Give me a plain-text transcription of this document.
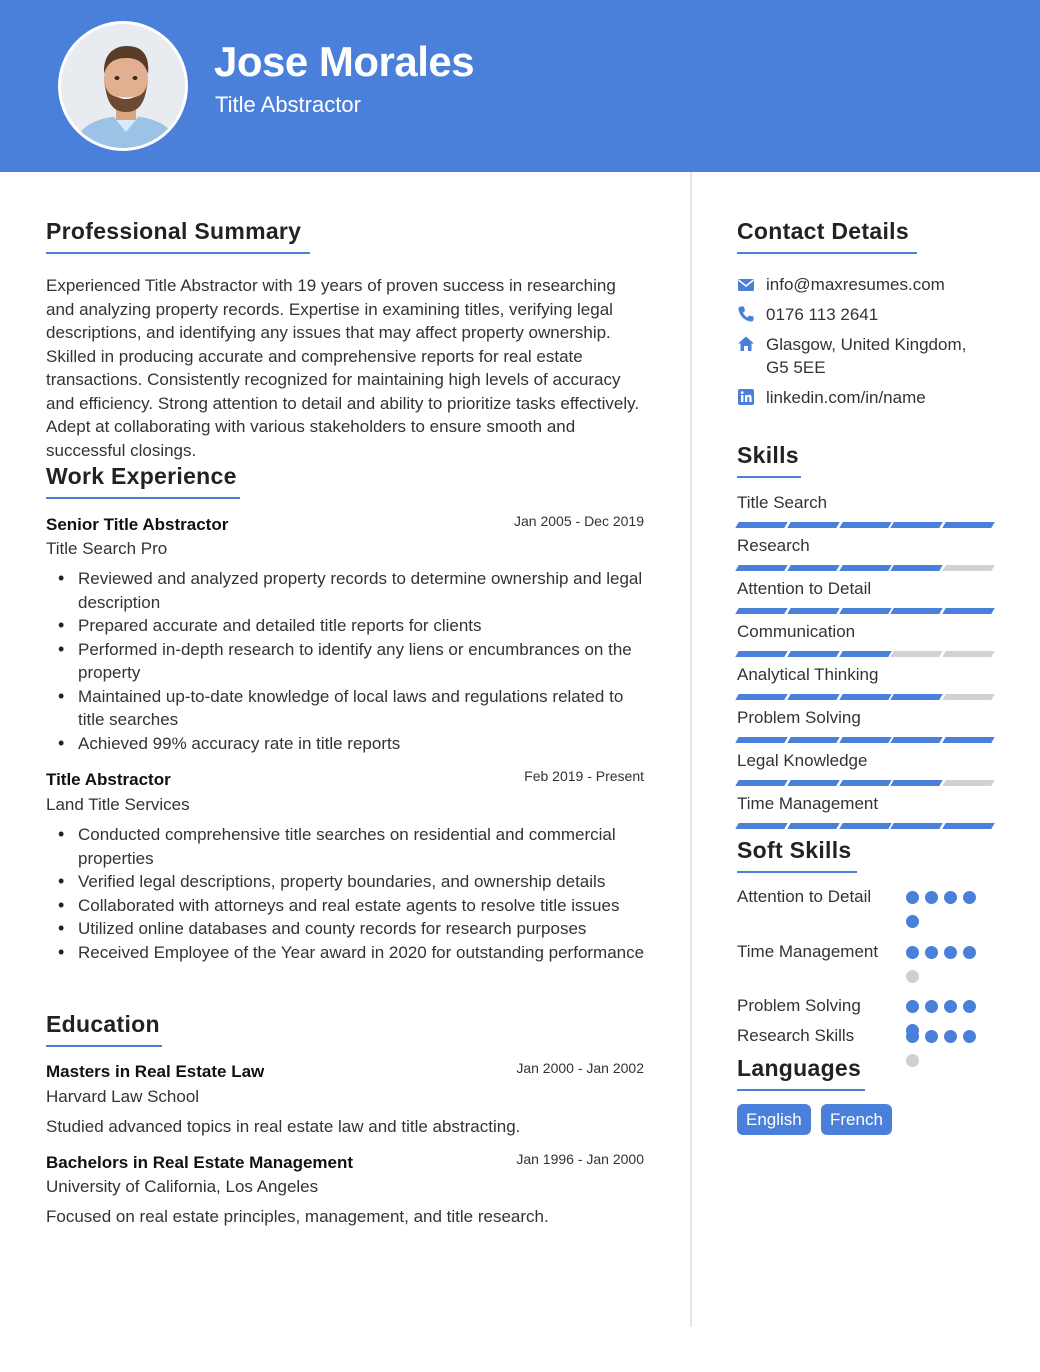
Jose Morales
Title Abstractor
Professional Summary
Experienced Title Abstractor with 19 years of proven success in researching and analyzing property records. Expertise in examining titles, verifying legal descriptions, and identifying any issues that may affect property ownership. Skilled in producing accurate and comprehensive reports for real estate transactions. Consistently recognized for maintaining high levels of accuracy and efficiency. Strong attention to detail and ability to prioritize tasks effectively. Adept at collaborating with various stakeholders to ensure smooth and successful closings.
Work Experience
Senior Title Abstractor	Jan 2005 - Dec 2019
Title Search Pro
• Reviewed and analyzed property records to determine ownership and legal description
• Prepared accurate and detailed title reports for clients
• Performed in-depth research to identify any liens or encumbrances on the property
• Maintained up-to-date knowledge of local laws and regulations related to title searches
• Achieved 99% accuracy rate in title reports
Title Abstractor	Feb 2019 - Present
Land Title Services
• Conducted comprehensive title searches on residential and commercial properties
• Verified legal descriptions, property boundaries, and ownership details
• Collaborated with attorneys and real estate agents to resolve title issues
• Utilized online databases and county records for research purposes
• Received Employee of the Year award in 2020 for outstanding performance
Education
Masters in Real Estate Law	Jan 2000 - Jan 2002
Harvard Law School
Studied advanced topics in real estate law and title abstracting.
Bachelors in Real Estate Management	Jan 1996 - Jan 2000
University of California, Los Angeles
Focused on real estate principles, management, and title research.
Contact Details
info@maxresumes.com
0176 113 2641
Glasgow, United Kingdom, G5 5EE
linkedin.com/in/name
Skills
Title Search
Research
Attention to Detail
Communication
Analytical Thinking
Problem Solving
Legal Knowledge
Time Management
Soft Skills
Attention to Detail
Time Management
Problem Solving
Research Skills
Languages
English	French
